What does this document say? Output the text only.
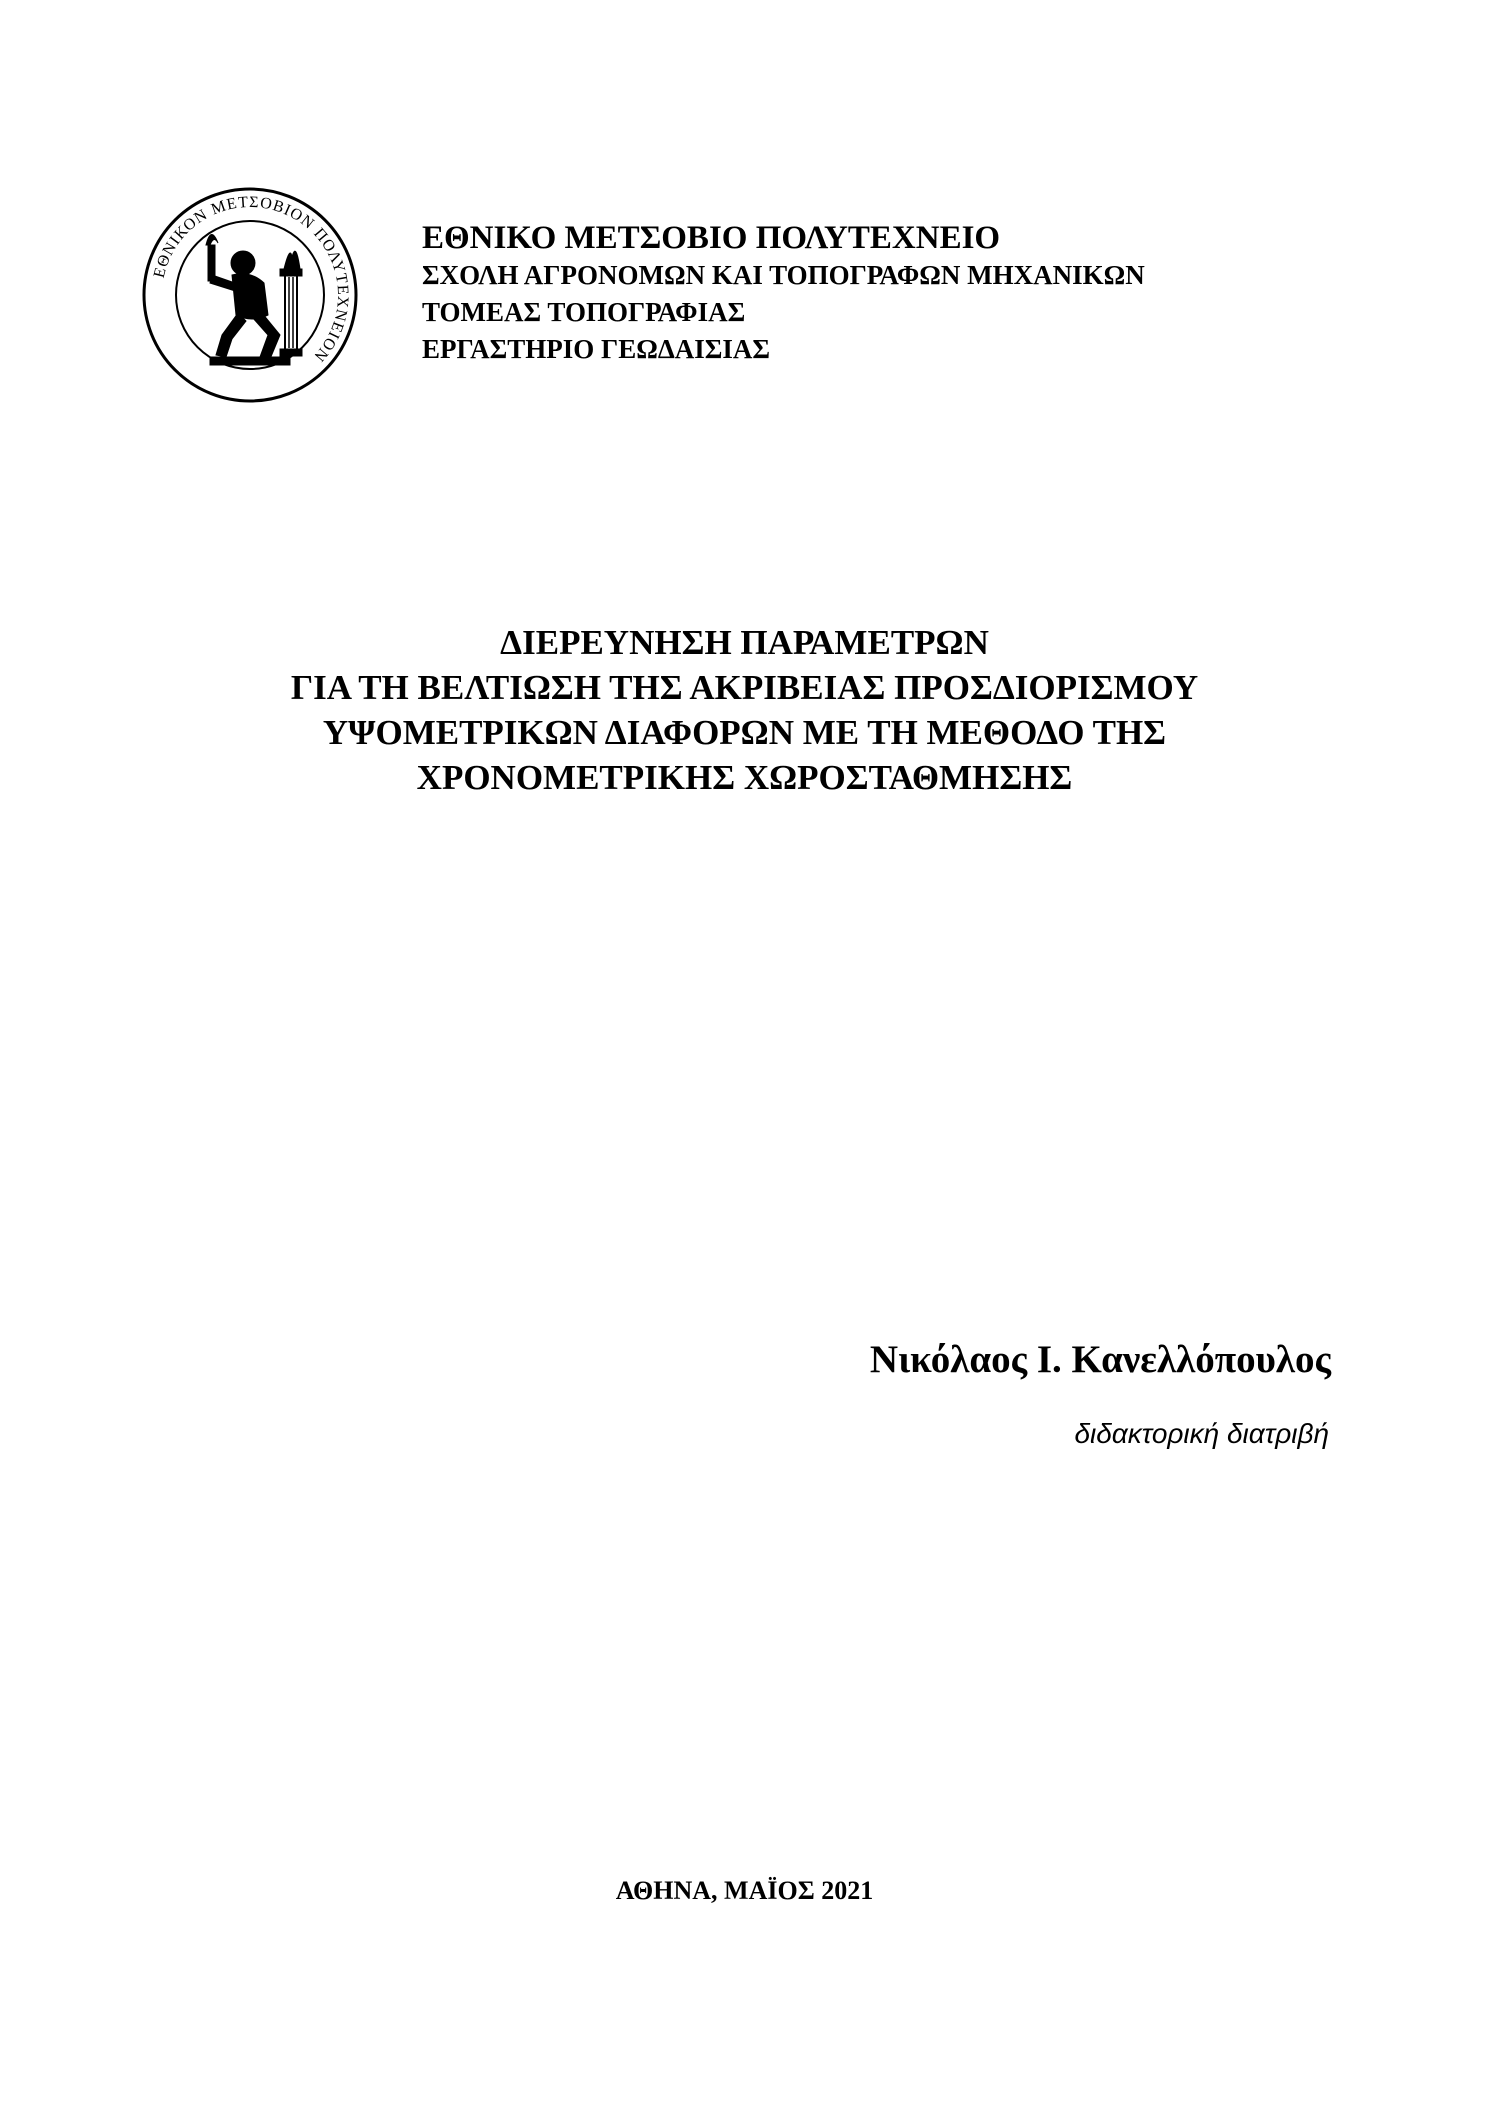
ΕΘΝΙΚΟΝ ΜΕΤΣΟΒΙΟΝ ΠΟΛΥΤΕΧΝΕΙΟΝ
ΕΘΝΙΚΟ ΜΕΤΣΟΒΙΟ ΠΟΛΥΤΕΧΝΕΙΟ
ΣΧΟΛΗ ΑΓΡΟΝΟΜΩΝ ΚΑΙ ΤΟΠΟΓΡΑΦΩΝ ΜΗΧΑΝΙΚΩΝ
ΤΟΜΕΑΣ ΤΟΠΟΓΡΑΦΙΑΣ
ΕΡΓΑΣΤΗΡΙΟ ΓΕΩΔΑΙΣΙΑΣ
ΔΙΕΡΕΥΝΗΣΗ ΠΑΡΑΜΕΤΡΩΝ
ΓΙΑ ΤΗ ΒΕΛΤΙΩΣΗ ΤΗΣ ΑΚΡΙΒΕΙΑΣ ΠΡΟΣΔΙΟΡΙΣΜΟΥ
ΥΨΟΜΕΤΡΙΚΩΝ ΔΙΑΦΟΡΩΝ ΜΕ ΤΗ ΜΕΘΟΔΟ ΤΗΣ
ΧΡΟΝΟΜΕΤΡΙΚΗΣ ΧΩΡΟΣΤΑΘΜΗΣΗΣ
Νικόλαος Ι. Κανελλόπουλος
διδακτορική διατριβή
ΑΘΗΝΑ, ΜΑΪΟΣ 2021
